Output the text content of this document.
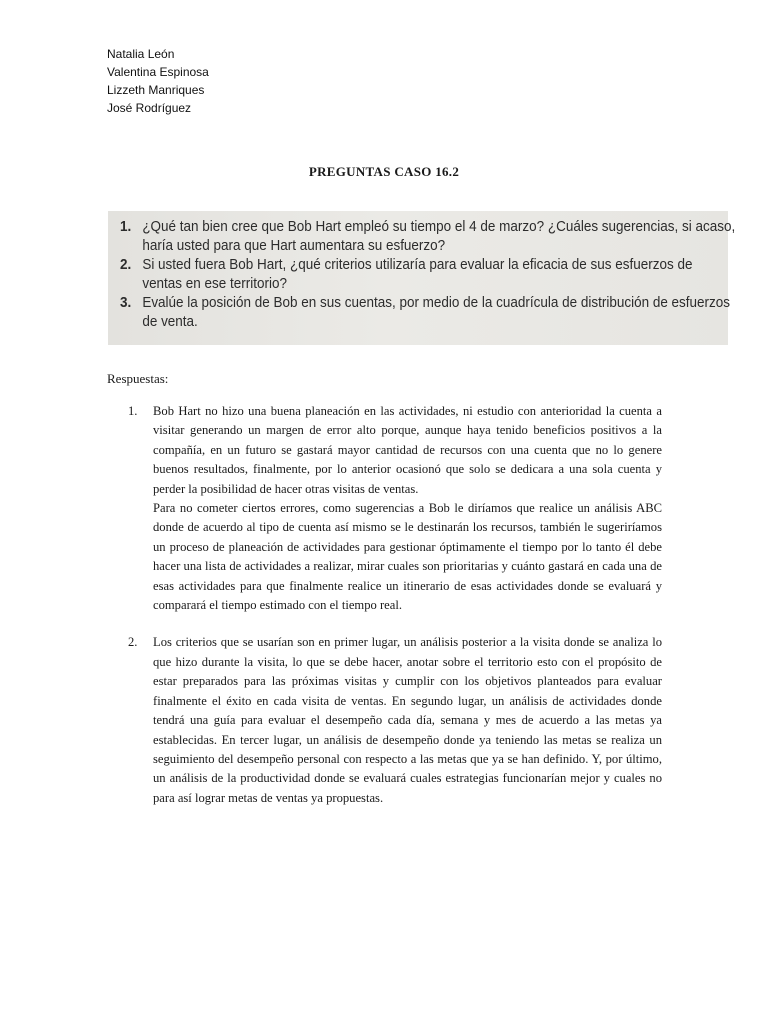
Natalia León
Valentina Espinosa
Lizzeth Manriques
José Rodríguez
PREGUNTAS CASO 16.2
1. ¿Qué tan bien cree que Bob Hart empleó su tiempo el 4 de marzo? ¿Cuáles sugerencias, si acaso, haría usted para que Hart aumentara su esfuerzo?
2. Si usted fuera Bob Hart, ¿qué criterios utilizaría para evaluar la eficacia de sus esfuerzos de ventas en ese territorio?
3. Evalúe la posición de Bob en sus cuentas, por medio de la cuadrícula de distribución de esfuerzos de venta.
Respuestas:
1. Bob Hart no hizo una buena planeación en las actividades, ni estudio con anterioridad la cuenta a visitar generando un margen de error alto porque, aunque haya tenido beneficios positivos a la compañía, en un futuro se gastará mayor cantidad de recursos con una cuenta que no lo genere buenos resultados, finalmente, por lo anterior ocasionó que solo se dedicara a una sola cuenta y perder la posibilidad de hacer otras visitas de ventas.

Para no cometer ciertos errores, como sugerencias a Bob le diríamos que realice un análisis ABC donde de acuerdo al tipo de cuenta así mismo se le destinarán los recursos, también le sugeriríamos un proceso de planeación de actividades para gestionar óptimamente el tiempo por lo tanto él debe hacer una lista de actividades a realizar, mirar cuales son prioritarias y cuánto gastará en cada una de esas actividades para que finalmente realice un itinerario de esas actividades donde se evaluará y comparará el tiempo estimado con el tiempo real.

2. Los criterios que se usarían son en primer lugar, un análisis posterior a la visita donde se analiza lo que hizo durante la visita, lo que se debe hacer, anotar sobre el territorio esto con el propósito de estar preparados para las próximas visitas y cumplir con los objetivos planteados para evaluar finalmente el éxito en cada visita de ventas. En segundo lugar, un análisis de actividades donde tendrá una guía para evaluar el desempeño cada día, semana y mes de acuerdo a las metas ya establecidas. En tercer lugar, un análisis de desempeño donde ya teniendo las metas se realiza un seguimiento del desempeño personal con respecto a las metas que ya se han definido. Y, por último, un análisis de la productividad donde se evaluará cuales estrategias funcionarían mejor y cuales no para así lograr metas de ventas ya propuestas.
